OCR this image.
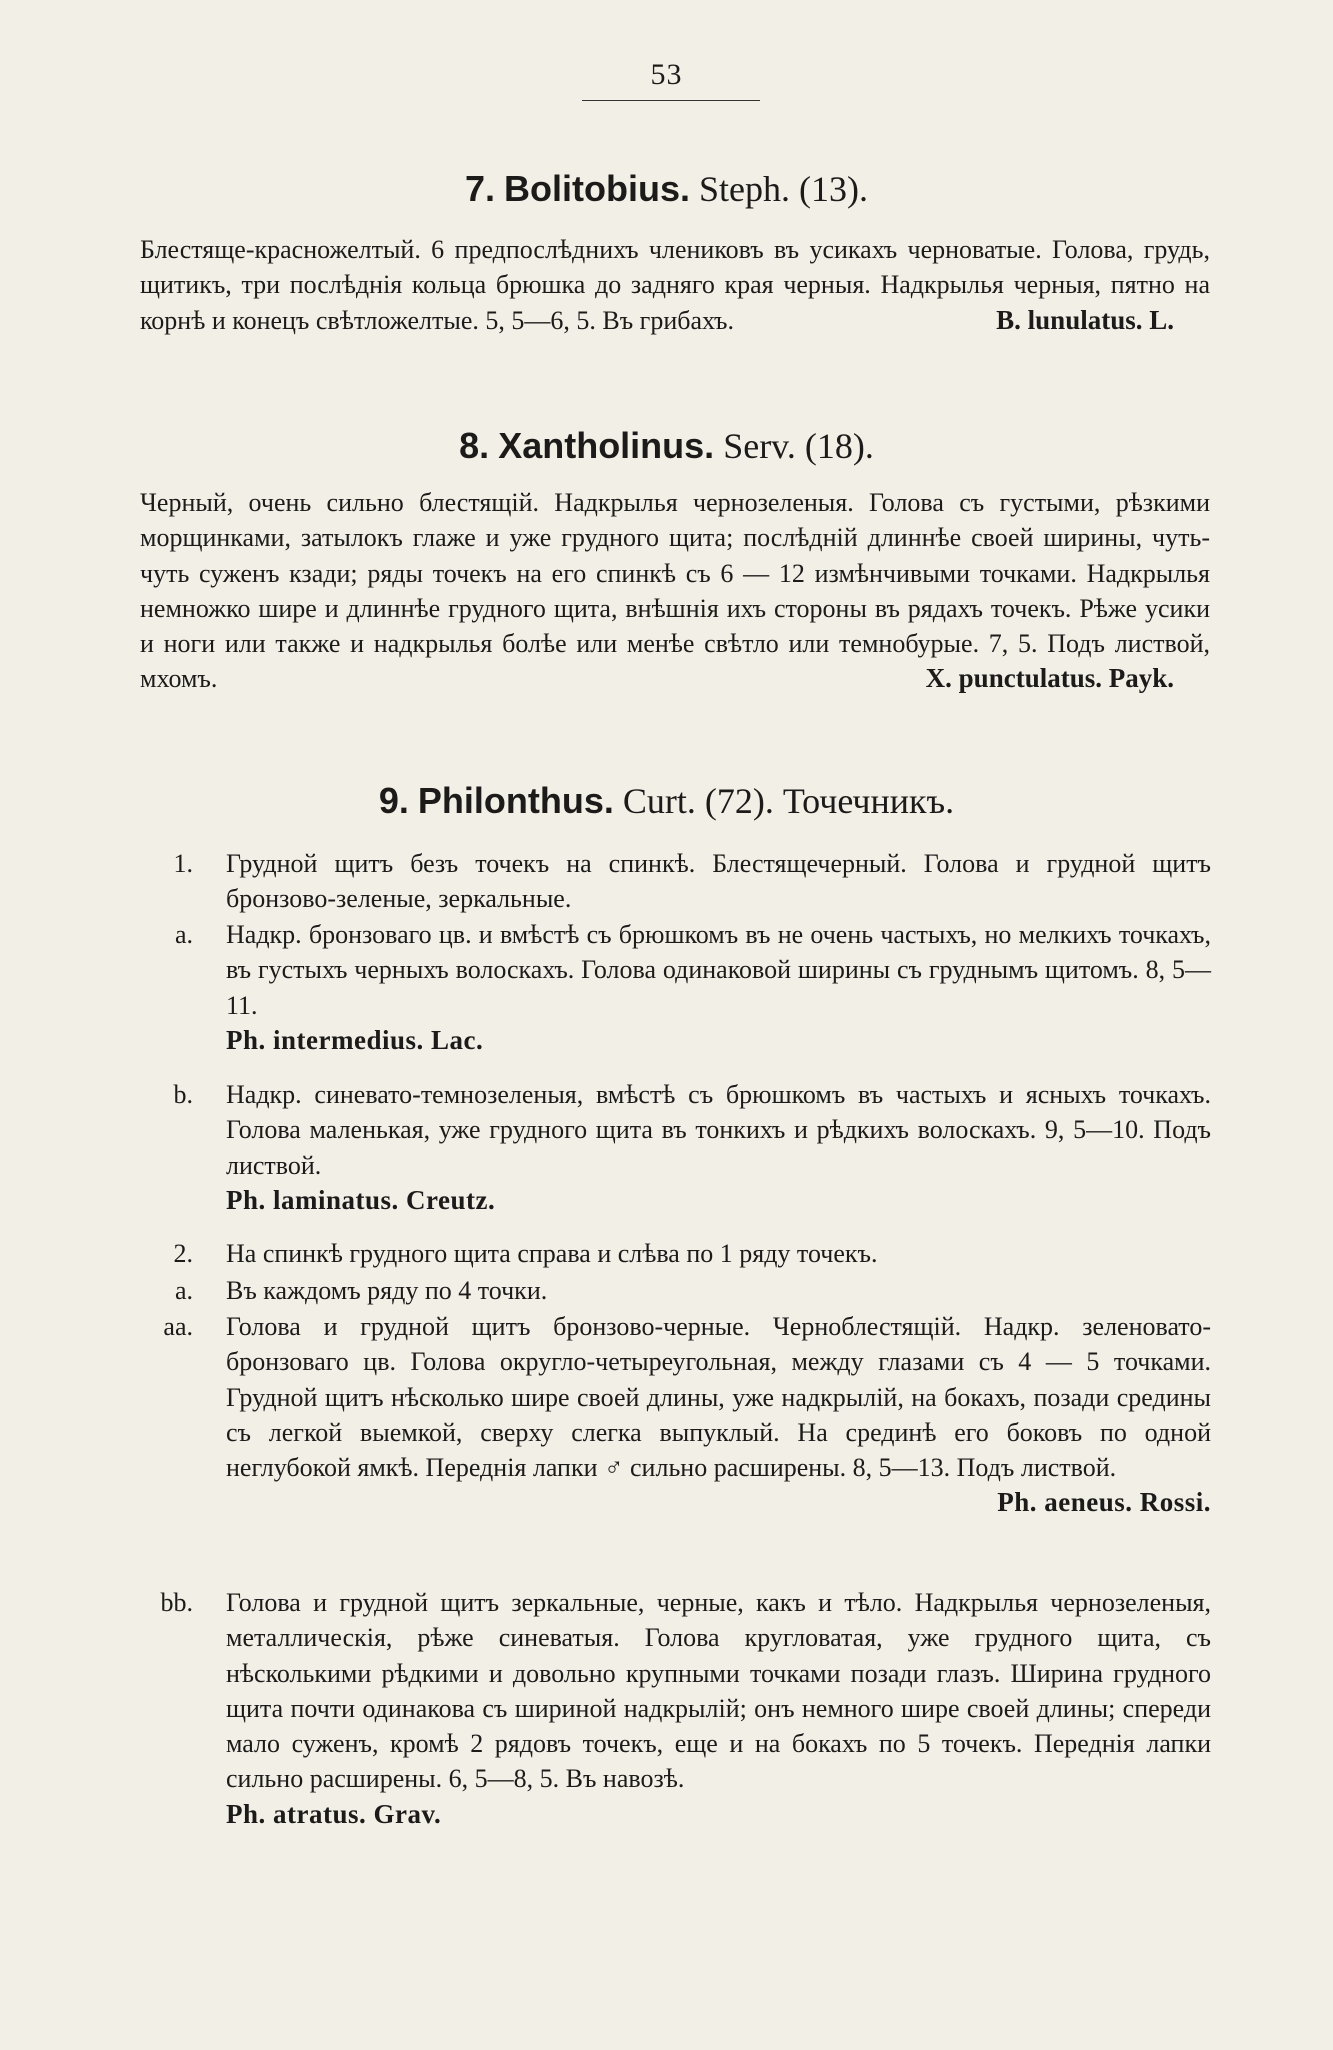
53
7. Bolitobius. Steph. (13).
Блестяще-красножелтый. 6 предпослѣднихъ члениковъ въ усикахъ черноватые. Голова, грудь, щитикъ, три послѣднія кольца брюшка до задняго края черныя. Надкрылья черныя, пятно на корнѣ и конецъ свѣтложелтые. 5, 5—6, 5. Въ грибахъ.	B. lunulatus. L.
8. Xantholinus. Serv. (18).
Черный, очень сильно блестящій. Надкрылья чернозеленыя. Голова съ густыми, рѣзкими морщинками, затылокъ глаже и уже грудного щита; послѣдній длиннѣе своей ширины, чуть-чуть суженъ кзади; ряды точекъ на его спинкѣ съ 6 — 12 измѣнчивыми точками. Надкрылья немножко шире и длиннѣе грудного щита, внѣшнія ихъ стороны въ рядахъ точекъ. Рѣже усики и ноги или также и надкрылья болѣе или менѣе свѣтло или темнобурые. 7, 5. Подъ листвой, мхомъ.	X. punctulatus. Payk.
9. Philonthus. Curt. (72). Точечникъ.
1. Грудной щитъ безъ точекъ на спинкѣ. Блестящечерный. Голова и грудной щитъ бронзово-зеленые, зеркальные.
a. Надкр. бронзоваго цв. и вмѣстѣ съ брюшкомъ въ не очень частыхъ, но мелкихъ точкахъ, въ густыхъ черныхъ волоскахъ. Голова одинаковой ширины съ груднымъ щитомъ. 8, 5—11.
Ph. intermedius. Lac.
b. Надкр. синевато-темнозеленыя, вмѣстѣ съ брюшкомъ въ частыхъ и ясныхъ точкахъ. Голова маленькая, уже грудного щита въ тонкихъ и рѣдкихъ волоскахъ. 9, 5—10. Подъ листвой.
Ph. laminatus. Creutz.
2. На спинкѣ грудного щита справа и слѣва по 1 ряду точекъ.
a. Въ каждомъ ряду по 4 точки.
aa. Голова и грудной щитъ бронзово-черные. Черноблестящій. Надкр. зеленовато-бронзоваго цв. Голова округло-четыреугольная, между глазами съ 4 — 5 точками. Грудной щитъ нѣсколько шире своей длины, уже надкрылій, на бокахъ, позади средины съ легкой выемкой, сверху слегка выпуклый. На срединѣ его боковъ по одной неглубокой ямкѣ. Переднія лапки ♂ сильно расширены. 8, 5—13. Подъ листвой.
Ph. aeneus. Rossi.
bb. Голова и грудной щитъ зеркальные, черные, какъ и тѣло. Надкрылья чернозеленыя, металлическія, рѣже синеватыя. Голова кругловатая, уже грудного щита, съ нѣсколькими рѣдкими и довольно крупными точками позади глазъ. Ширина грудного щита почти одинакова съ шириной надкрылій; онъ немного шире своей длины; спереди мало суженъ, кромѣ 2 рядовъ точекъ, еще и на бокахъ по 5 точекъ. Переднія лапки сильно расширены. 6, 5—8, 5. Въ навозѣ.
Ph. atratus. Grav.
